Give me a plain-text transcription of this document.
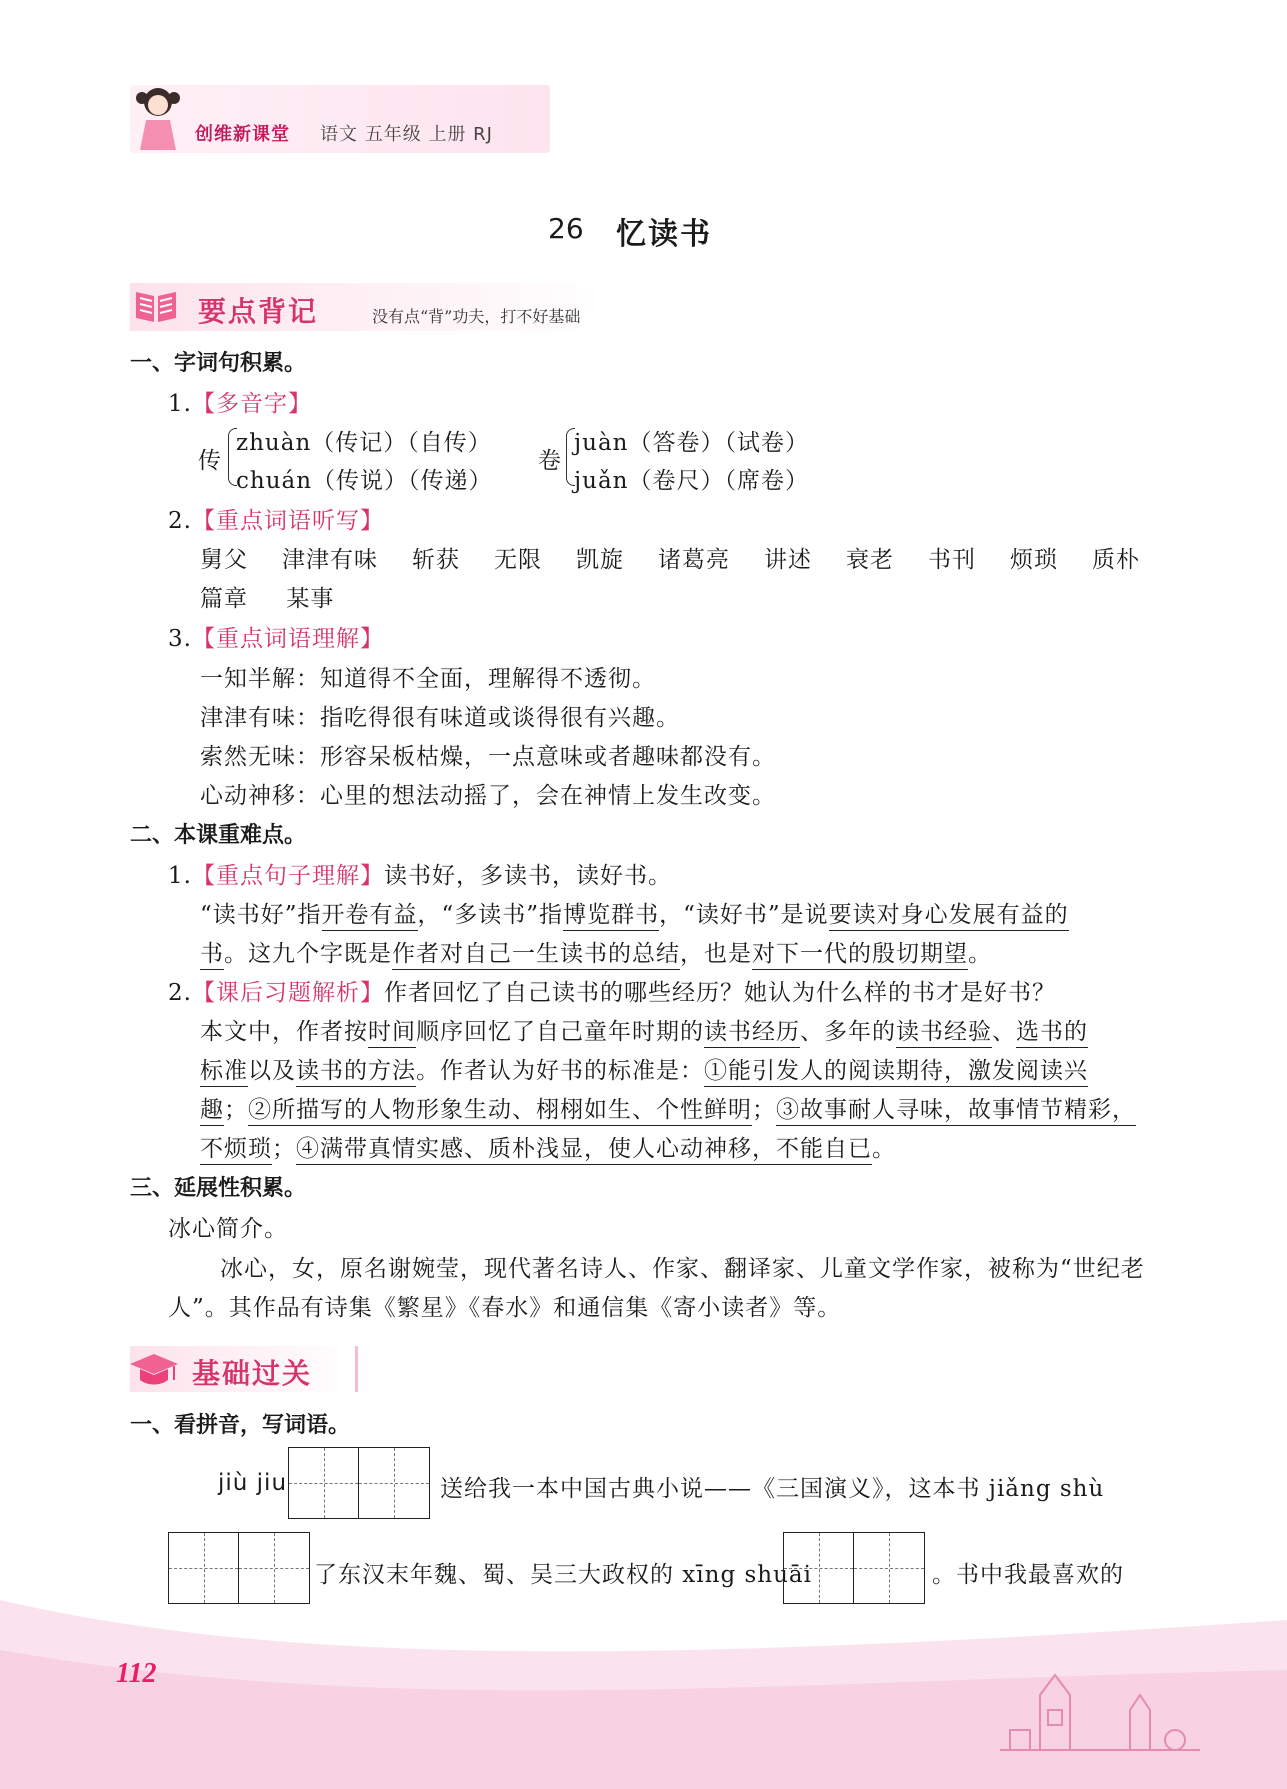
创维新课堂 语文 五年级 上册 RJ
26 忆读书
要点背记	没有点“背”功夫，打不好基础
一、字词句积累。
1.【多音字】
传
zhuàn（传记）（自传）
chuán（传说）（传递）
卷
juàn（答卷）（试卷）
juǎn（卷尺）（席卷）
2.【重点词语听写】
舅父 津津有味 斩获 无限 凯旋 诸葛亮 讲述 衰老 书刊 烦琐 质朴
篇章 某事
3.【重点词语理解】
一知半解：知道得不全面，理解得不透彻。
津津有味：指吃得很有味道或谈得很有兴趣。
索然无味：形容呆板枯燥，一点意味或者趣味都没有。
心动神移：心里的想法动摇了，会在神情上发生改变。
二、本课重难点。
1.【重点句子理解】读书好，多读书，读好书。
“读书好”指开卷有益，“多读书”指博览群书，“读好书”是说要读对身心发展有益的
书。这九个字既是作者对自己一生读书的总结，也是对下一代的殷切期望。
2.【课后习题解析】作者回忆了自己读书的哪些经历？她认为什么样的书才是好书？
本文中，作者按时间顺序回忆了自己童年时期的读书经历、多年的读书经验、选书的
标准以及读书的方法。作者认为好书的标准是：①能引发人的阅读期待，激发阅读兴
趣；②所描写的人物形象生动、栩栩如生、个性鲜明；③故事耐人寻味，故事情节精彩，
不烦琐；④满带真情实感、质朴浅显，使人心动神移，不能自已。
三、延展性积累。
冰心简介。
冰心，女，原名谢婉莹，现代著名诗人、作家、翻译家、儿童文学作家，被称为“世纪老
人”。其作品有诗集《繁星》《春水》和通信集《寄小读者》等。
基础过关
一、看拼音，写词语。
jiù jiu	送给我一本中国古典小说——《三国演义》，这本书 jiǎng shù
了东汉末年魏、蜀、吴三大政权的 xīng shuāi	。书中我最喜欢的
112
